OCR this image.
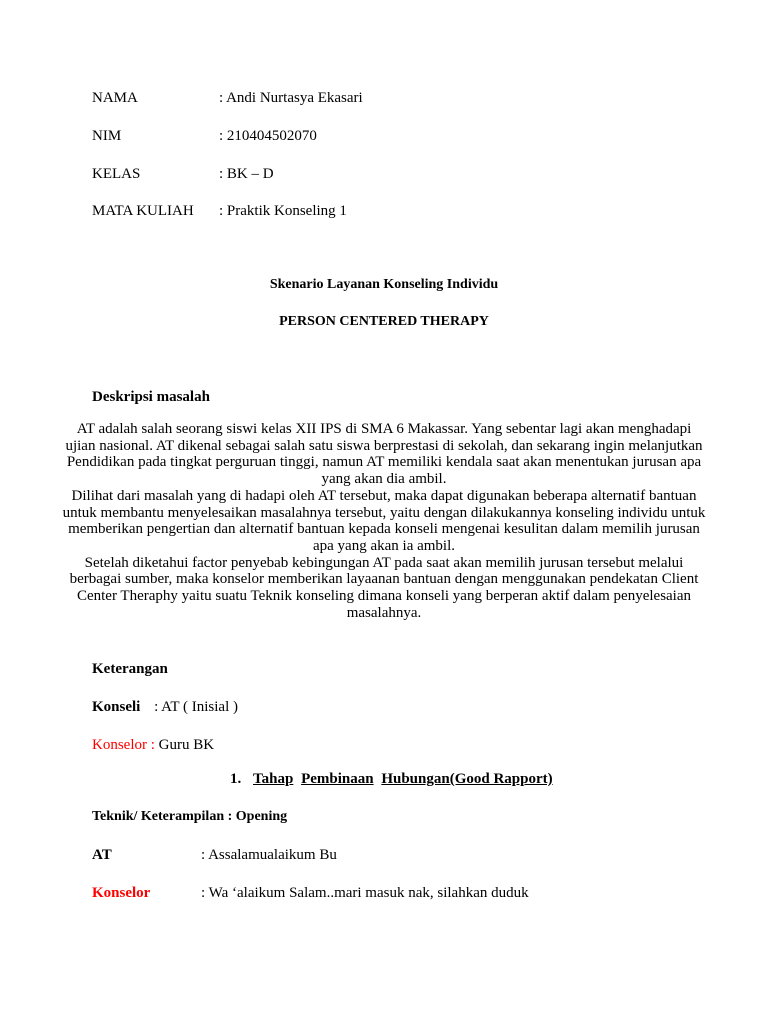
NAMA	: Andi Nurtasya Ekasari
NIM	: 210404502070
KELAS	: BK – D
MATA KULIAH : Praktik Konseling 1
Skenario Layanan Konseling Individu
PERSON CENTERED THERAPY
Deskripsi masalah

AT adalah salah seorang siswi kelas XII IPS di SMA 6 Makassar. Yang sebentar lagi akan menghadapi ujian nasional. AT dikenal sebagai salah satu siswa berprestasi di sekolah, dan sekarang ingin melanjutkan Pendidikan pada tingkat perguruan tinggi, namun AT memiliki kendala saat akan menentukan jurusan apa yang akan dia ambil.

Dilihat dari masalah yang di hadapi oleh AT tersebut, maka dapat digunakan beberapa alternatif bantuan untuk membantu menyelesaikan masalahnya tersebut, yaitu dengan dilakukannya konseling individu untuk memberikan pengertian dan alternatif bantuan kepada konseli mengenai kesulitan dalam memilih jurusan apa yang akan ia ambil.

Setelah diketahui factor penyebab kebingungan AT pada saat akan memilih jurusan tersebut melalui berbagai sumber, maka konselor memberikan layaanan bantuan dengan menggunakan pendekatan Client Center Theraphy yaitu suatu Teknik konseling dimana konseli yang berperan aktif dalam penyelesaian masalahnya.

Keterangan
Konseli : AT ( Inisial )
Konselor : Guru BK
1. Tahap Pembinaan Hubungan(Good Rapport)
Teknik/ Keterampilan : Opening
AT	: Assalamualaikum Bu
Konselor	: Wa ‘alaikum Salam..mari masuk nak, silahkan duduk
